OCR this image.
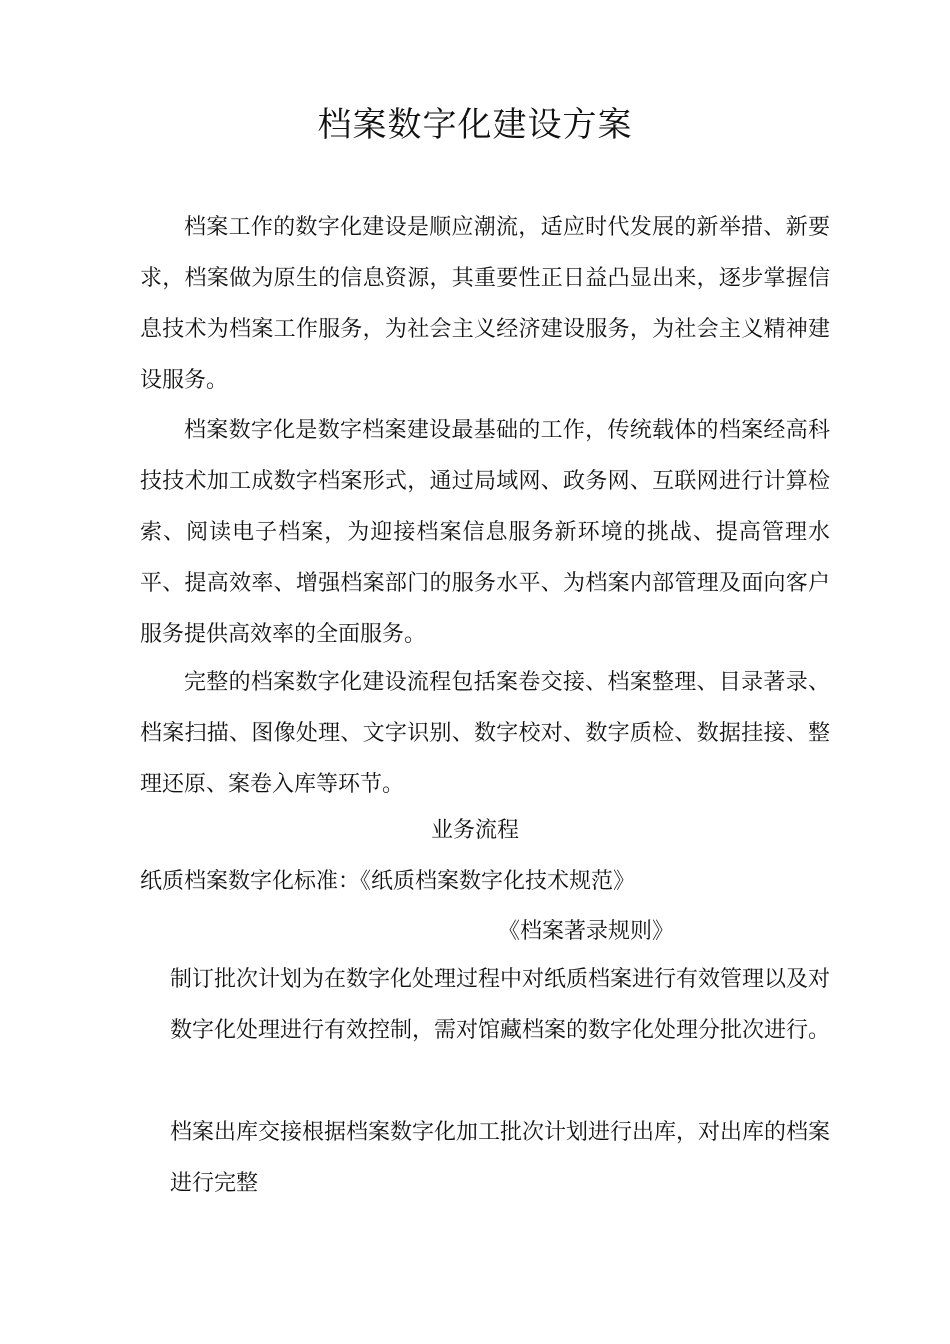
档案数字化建设方案

档案工作的数字化建设是顺应潮流，适应时代发展的新举措、新要求，档案做为原生的信息资源，其重要性正日益凸显出来，逐步掌握信息技术为档案工作服务，为社会主义经济建设服务，为社会主义精神建设服务。

档案数字化是数字档案建设最基础的工作，传统载体的档案经高科技技术加工成数字档案形式，通过局域网、政务网、互联网进行计算检索、阅读电子档案，为迎接档案信息服务新环境的挑战、提高管理水平、提高效率、增强档案部门的服务水平、为档案内部管理及面向客户服务提供高效率的全面服务。

完整的档案数字化建设流程包括案卷交接、档案整理、目录著录、档案扫描、图像处理、文字识别、数字校对、数字质检、数据挂接、整理还原、案卷入库等环节。

业务流程

纸质档案数字化标准：《纸质档案数字化技术规范》

《档案著录规则》

制订批次计划为在数字化处理过程中对纸质档案进行有效管理以及对数字化处理进行有效控制，需对馆藏档案的数字化处理分批次进行。

档案出库交接根据档案数字化加工批次计划进行出库，对出库的档案进行完整
